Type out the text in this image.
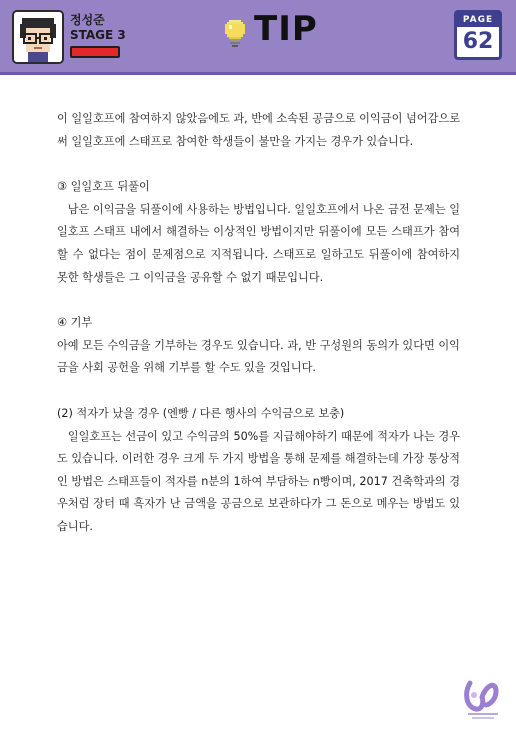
정성준
STAGE 3	TIP	PAGE
62

이 일일호프에 참여하지 않았음에도 과, 반에 소속된 공금으로 이익금이 넘어감으로써 일일호프에 스태프로 참여한 학생들이 불만을 가지는 경우가 있습니다.

③ 일일호프 뒤풀이

남은 이익금을 뒤풀이에 사용하는 방법입니다. 일일호프에서 나온 금전 문제는 일일호프 스태프 내에서 해결하는 이상적인 방법이지만 뒤풀이에 모든 스태프가 참여할 수 없다는 점이 문제점으로 지적됩니다. 스태프로 일하고도 뒤풀이에 참여하지 못한 학생들은 그 이익금을 공유할 수 없기 때문입니다.

④ 기부

아예 모든 수익금을 기부하는 경우도 있습니다. 과, 반 구성원의 동의가 있다면 이익금을 사회 공헌을 위해 기부를 할 수도 있을 것입니다.

(2) 적자가 났을 경우 (엔빵 / 다른 행사의 수익금으로 보충)

일일호프는 선금이 있고 수익금의 50%를 지급해야하기 때문에 적자가 나는 경우도 있습니다. 이러한 경우 크게 두 가지 방법을 통해 문제를 해결하는데 가장 통상적인 방법은 스태프들이 적자를 n분의 1하여 부담하는 n빵이며, 2017 건축학과의 경우처럼 장터 때 흑자가 난 금액을 공금으로 보관하다가 그 돈으로 메우는 방법도 있습니다.
